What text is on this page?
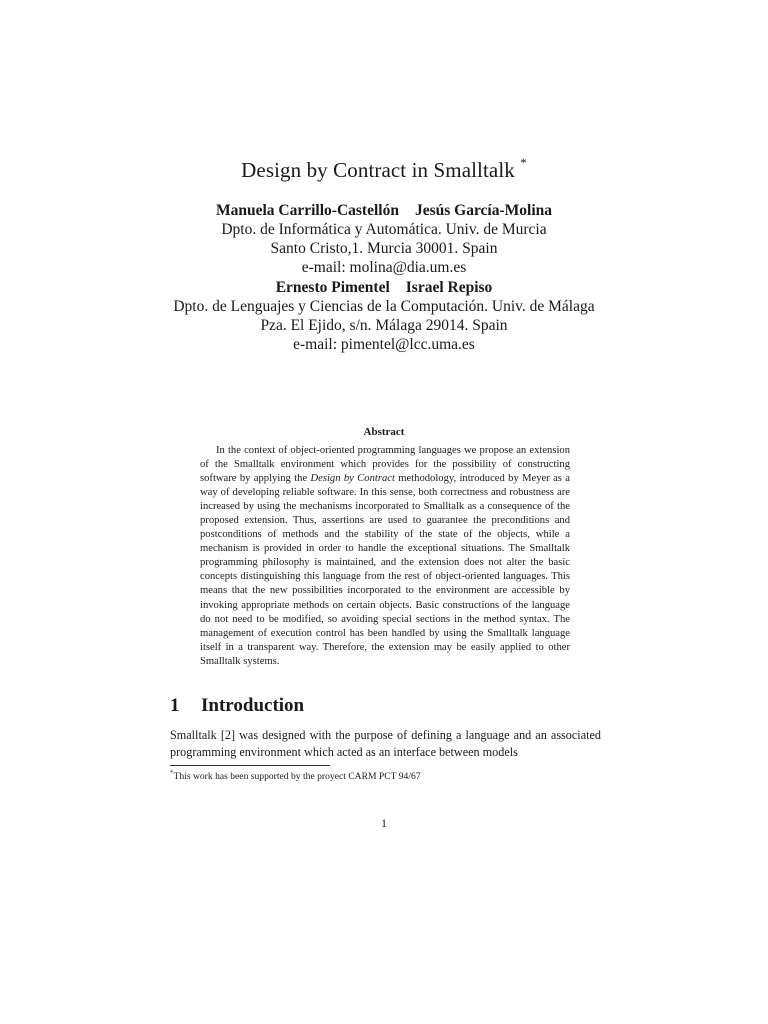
Design by Contract in Smalltalk *
Manuela Carrillo-Castellón Jesús García-Molina
Dpto. de Informática y Automática. Univ. de Murcia
Santo Cristo,1. Murcia 30001. Spain
e-mail: molina@dia.um.es
Ernesto Pimentel Israel Repiso
Dpto. de Lenguajes y Ciencias de la Computación. Univ. de Málaga
Pza. El Ejido, s/n. Málaga 29014. Spain
e-mail: pimentel@lcc.uma.es
Abstract
In the context of object-oriented programming languages we propose an extension of the Smalltalk environment which provides for the possibility of constructing software by applying the Design by Contract methodology, introduced by Meyer as a way of developing reliable software. In this sense, both correctness and robustness are increased by using the mechanisms incorporated to Smalltalk as a consequence of the proposed extension. Thus, assertions are used to guarantee the preconditions and postconditions of methods and the stability of the state of the objects, while a mechanism is provided in order to handle the exceptional situations. The Smalltalk programming philosophy is maintained, and the extension does not alter the basic concepts distinguishing this language from the rest of object-oriented languages. This means that the new possibilities incorporated to the environment are accessible by invoking appropriate methods on certain objects. Basic constructions of the language do not need to be modified, so avoiding special sections in the method syntax. The management of execution control has been handled by using the Smalltalk language itself in a transparent way. Therefore, the extension may be easily applied to other Smalltalk systems.
1 Introduction
Smalltalk [2] was designed with the purpose of defining a language and an associated programming environment which acted as an interface between models
*This work has been supported by the proyect CARM PCT 94/67
1
